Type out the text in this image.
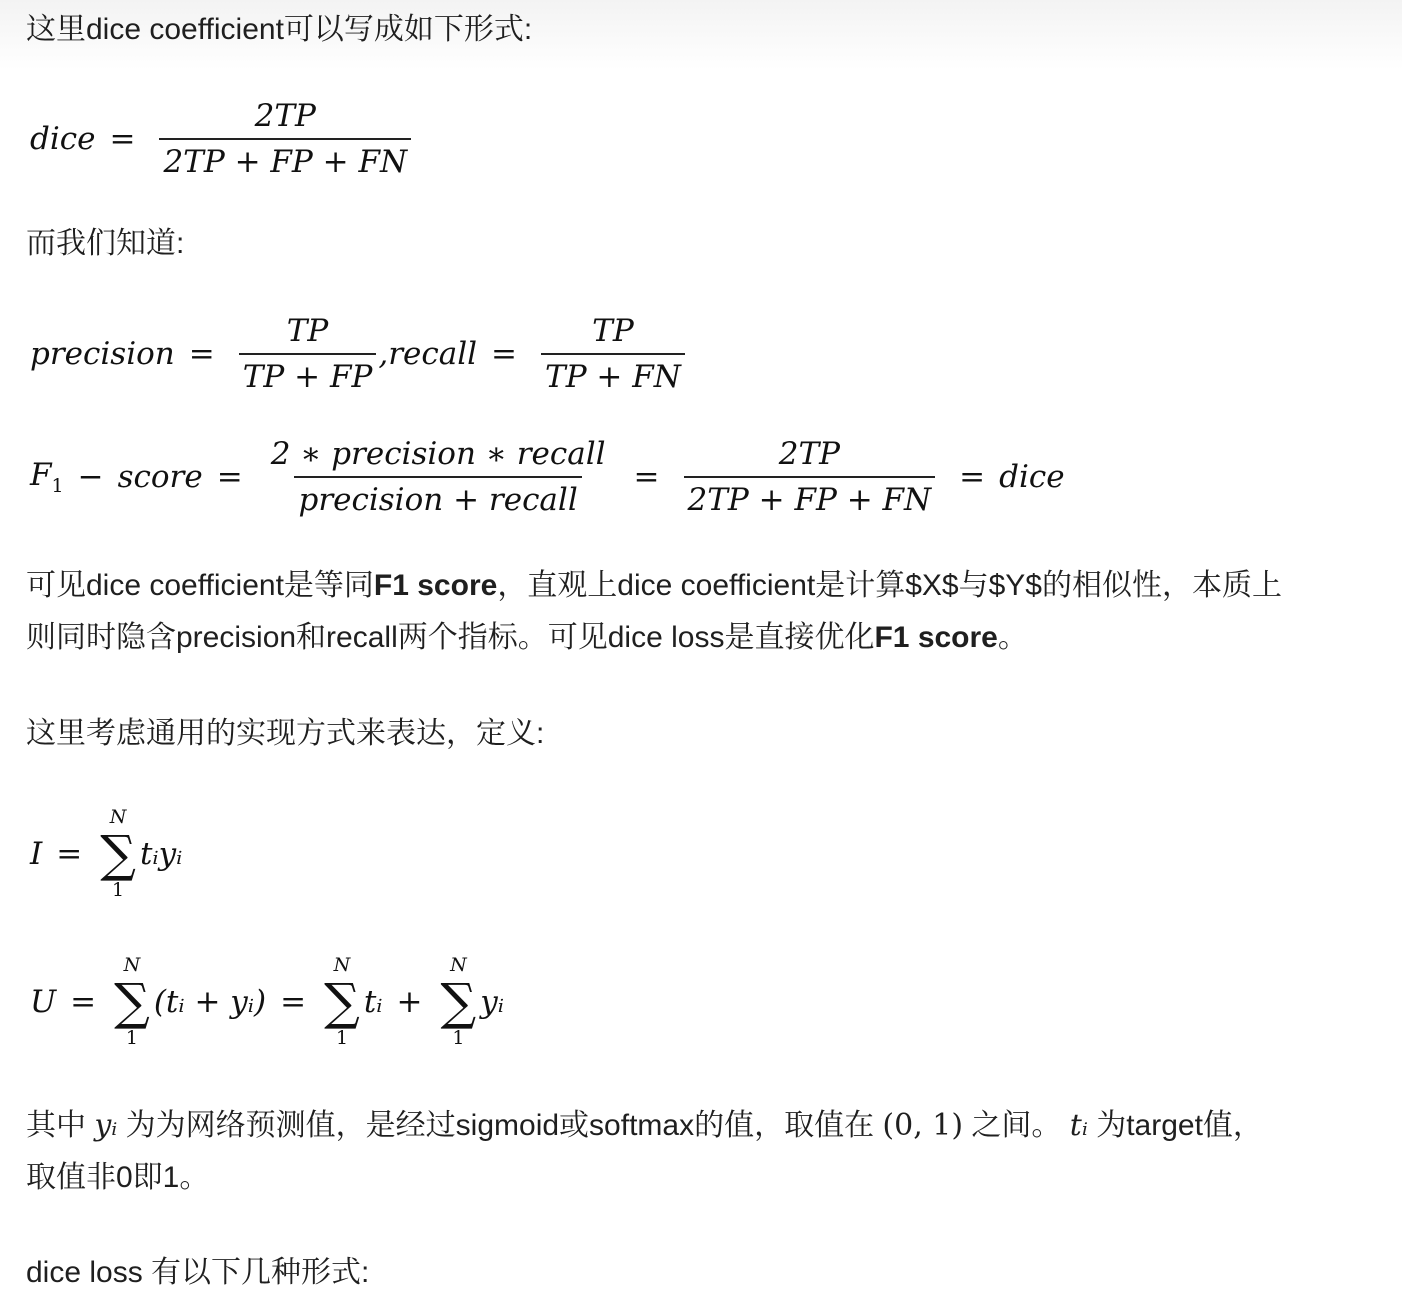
这里dice coefficient可以写成如下形式:
dice = $\frac{2TP}{2TP + FP + FN}$
而我们知道:
precision = $\frac{TP}{TP + FP}$ , recall = $\frac{TP}{TP + FN}$
$F_1$ − score = $\frac{\text{2 ∗ precision ∗ recall}}{\text{precision + recall}} = \frac{2TP}{2TP + FP + FN}$ = dice
可见dice coefficient是等同F1 score，直观上dice coefficient是计算$X$与$Y$的相似性，本质上
则同时隐含precision和recall两个指标。可见dice loss是直接优化F1 score。
这里考虑通用的实现方式来表达，定义:
I =
N
∑
1
tᵢyᵢ
U =
N
∑
1
(tᵢ + yᵢ) =
N
∑
1
tᵢ +
N
∑
1
yᵢ
其中 yᵢ 为为网络预测值，是经过sigmoid或softmax的值，取值在 (0, 1) 之间。 tᵢ 为target值，
取值非0即1。
dice loss 有以下几种形式:
